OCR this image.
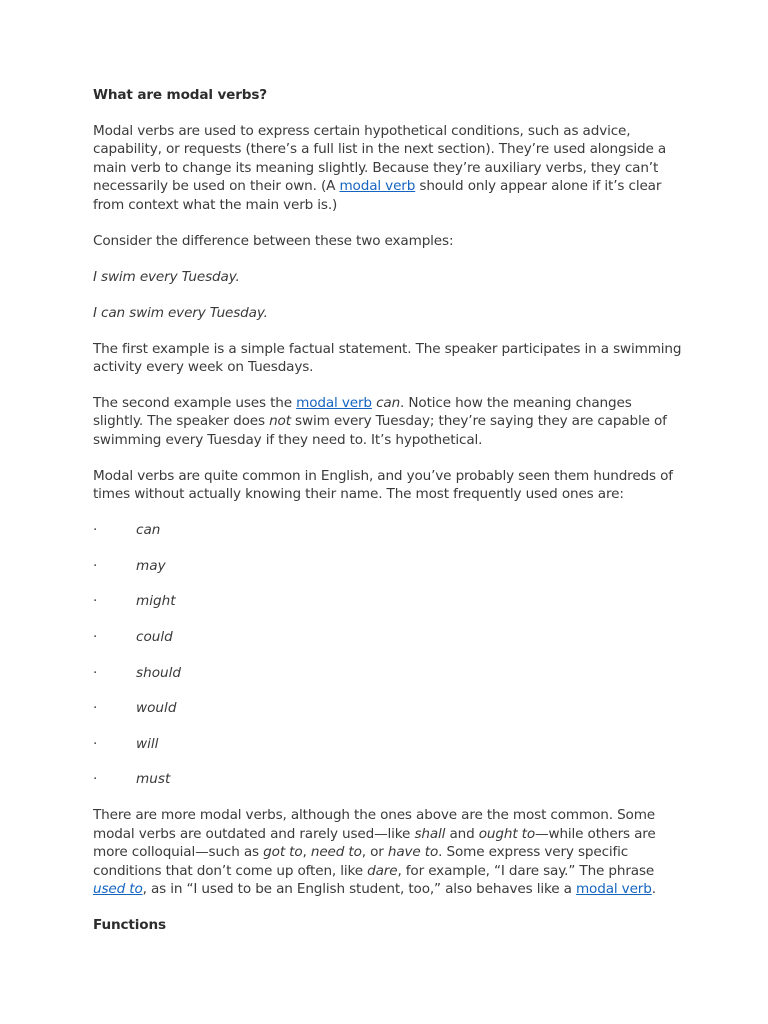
What are modal verbs?

Modal verbs are used to express certain hypothetical conditions, such as advice, capability, or requests (there’s a full list in the next section). They’re used alongside a main verb to change its meaning slightly. Because they’re auxiliary verbs, they can’t necessarily be used on their own. (A modal verb should only appear alone if it’s clear from context what the main verb is.)

Consider the difference between these two examples:

I swim every Tuesday.

I can swim every Tuesday.

The first example is a simple factual statement. The speaker participates in a swimming activity every week on Tuesdays.

The second example uses the modal verb can. Notice how the meaning changes slightly. The speaker does not swim every Tuesday; they’re saying they are capable of swimming every Tuesday if they need to. It’s hypothetical.

Modal verbs are quite common in English, and you’ve probably seen them hundreds of times without actually knowing their name. The most frequently used ones are:

·	can
·	may
·	might
·	could
·	should
·	would
·	will
·	must

There are more modal verbs, although the ones above are the most common. Some modal verbs are outdated and rarely used—like shall and ought to—while others are more colloquial—such as got to, need to, or have to. Some express very specific conditions that don’t come up often, like dare, for example, “I dare say.” The phrase used to, as in “I used to be an English student, too,” also behaves like a modal verb.

Functions
